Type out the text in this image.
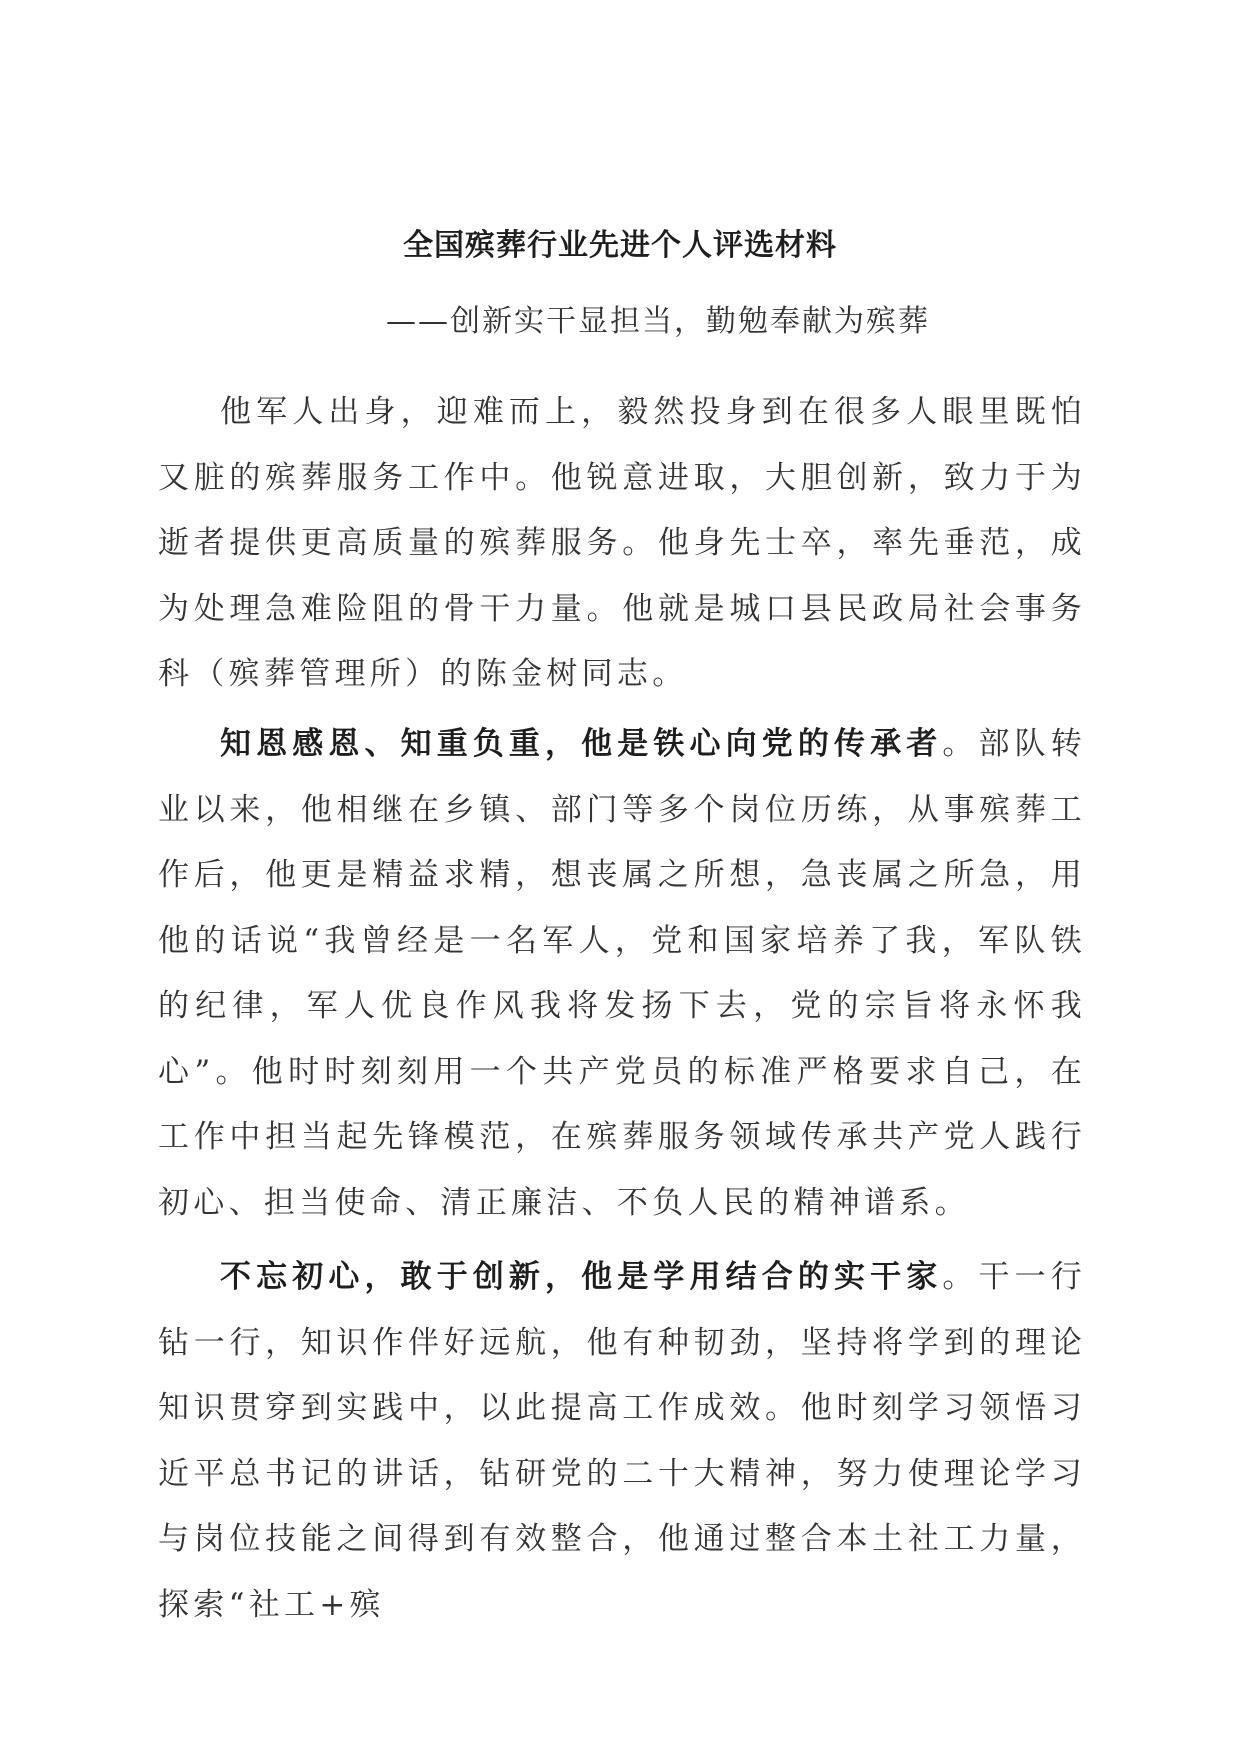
全国殡葬行业先进个人评选材料

——创新实干显担当，勤勉奉献为殡葬

他军人出身，迎难而上，毅然投身到在很多人眼里既怕又脏的殡葬服务工作中。他锐意进取，大胆创新，致力于为逝者提供更高质量的殡葬服务。他身先士卒，率先垂范，成为处理急难险阻的骨干力量。他就是城口县民政局社会事务科（殡葬管理所）的陈金树同志。

知恩感恩、知重负重，他是铁心向党的传承者。部队转业以来，他相继在乡镇、部门等多个岗位历练，从事殡葬工作后，他更是精益求精，想丧属之所想，急丧属之所急，用他的话说“我曾经是一名军人，党和国家培养了我，军队铁的纪律，军人优良作风我将发扬下去，党的宗旨将永怀我心”。他时时刻刻用一个共产党员的标准严格要求自己，在工作中担当起先锋模范，在殡葬服务领域传承共产党人践行初心、担当使命、清正廉洁、不负人民的精神谱系。

不忘初心，敢于创新，他是学用结合的实干家。干一行钻一行，知识作伴好远航，他有种韧劲，坚持将学到的理论知识贯穿到实践中，以此提高工作成效。他时刻学习领悟习近平总书记的讲话，钻研党的二十大精神，努力使理论学习与岗位技能之间得到有效整合，他通过整合本土社工力量，探索“社工+殡
